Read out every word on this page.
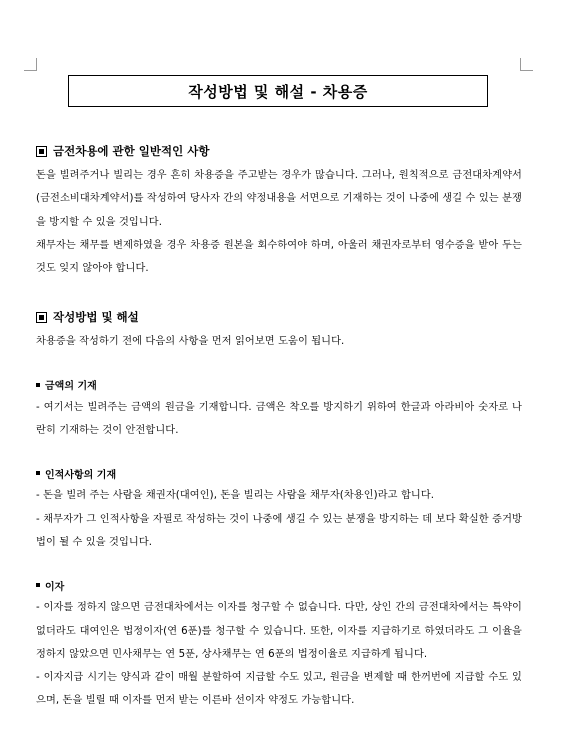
작성방법 및 해설 - 차용증
금전차용에 관한 일반적인 사항

돈을 빌려주거나 빌리는 경우 흔히 차용증을 주고받는 경우가 많습니다. 그러나, 원칙적으로 금전대차계약서(금전소비대차계약서)를 작성하여 당사자 간의 약정내용을 서면으로 기재하는 것이 나중에 생길 수 있는 분쟁을 방지할 수 있을 것입니다.

채무자는 채무를 변제하였을 경우 차용증 원본을 회수하여야 하며, 아울러 채권자로부터 영수증을 받아 두는 것도 잊지 않아야 합니다.

작성방법 및 해설

차용증을 작성하기 전에 다음의 사항을 먼저 읽어보면 도움이 됩니다.

금액의 기재

- 여기서는 빌려주는 금액의 원금을 기재합니다. 금액은 착오를 방지하기 위하여 한글과 아라비아 숫자로 나란히 기재하는 것이 안전합니다.

인적사항의 기재

- 돈을 빌려 주는 사람을 채권자(대여인), 돈을 빌리는 사람을 채무자(차용인)라고 합니다.

- 채무자가 그 인적사항을 자필로 작성하는 것이 나중에 생길 수 있는 분쟁을 방지하는 데 보다 확실한 증거방법이 될 수 있을 것입니다.

이자

- 이자를 정하지 않으면 금전대차에서는 이자를 청구할 수 없습니다. 다만, 상인 간의 금전대차에서는 특약이 없더라도 대여인은 법정이자(연 6푼)를 청구할 수 있습니다. 또한, 이자를 지급하기로 하였더라도 그 이율을 정하지 않았으면 민사채무는 연 5푼, 상사채무는 연 6푼의 법정이율로 지급하게 됩니다.

- 이자지급 시기는 양식과 같이 매월 분할하여 지급할 수도 있고, 원금을 변제할 때 한꺼번에 지급할 수도 있으며, 돈을 빌릴 때 이자를 먼저 받는 이른바 선이자 약정도 가능합니다.
